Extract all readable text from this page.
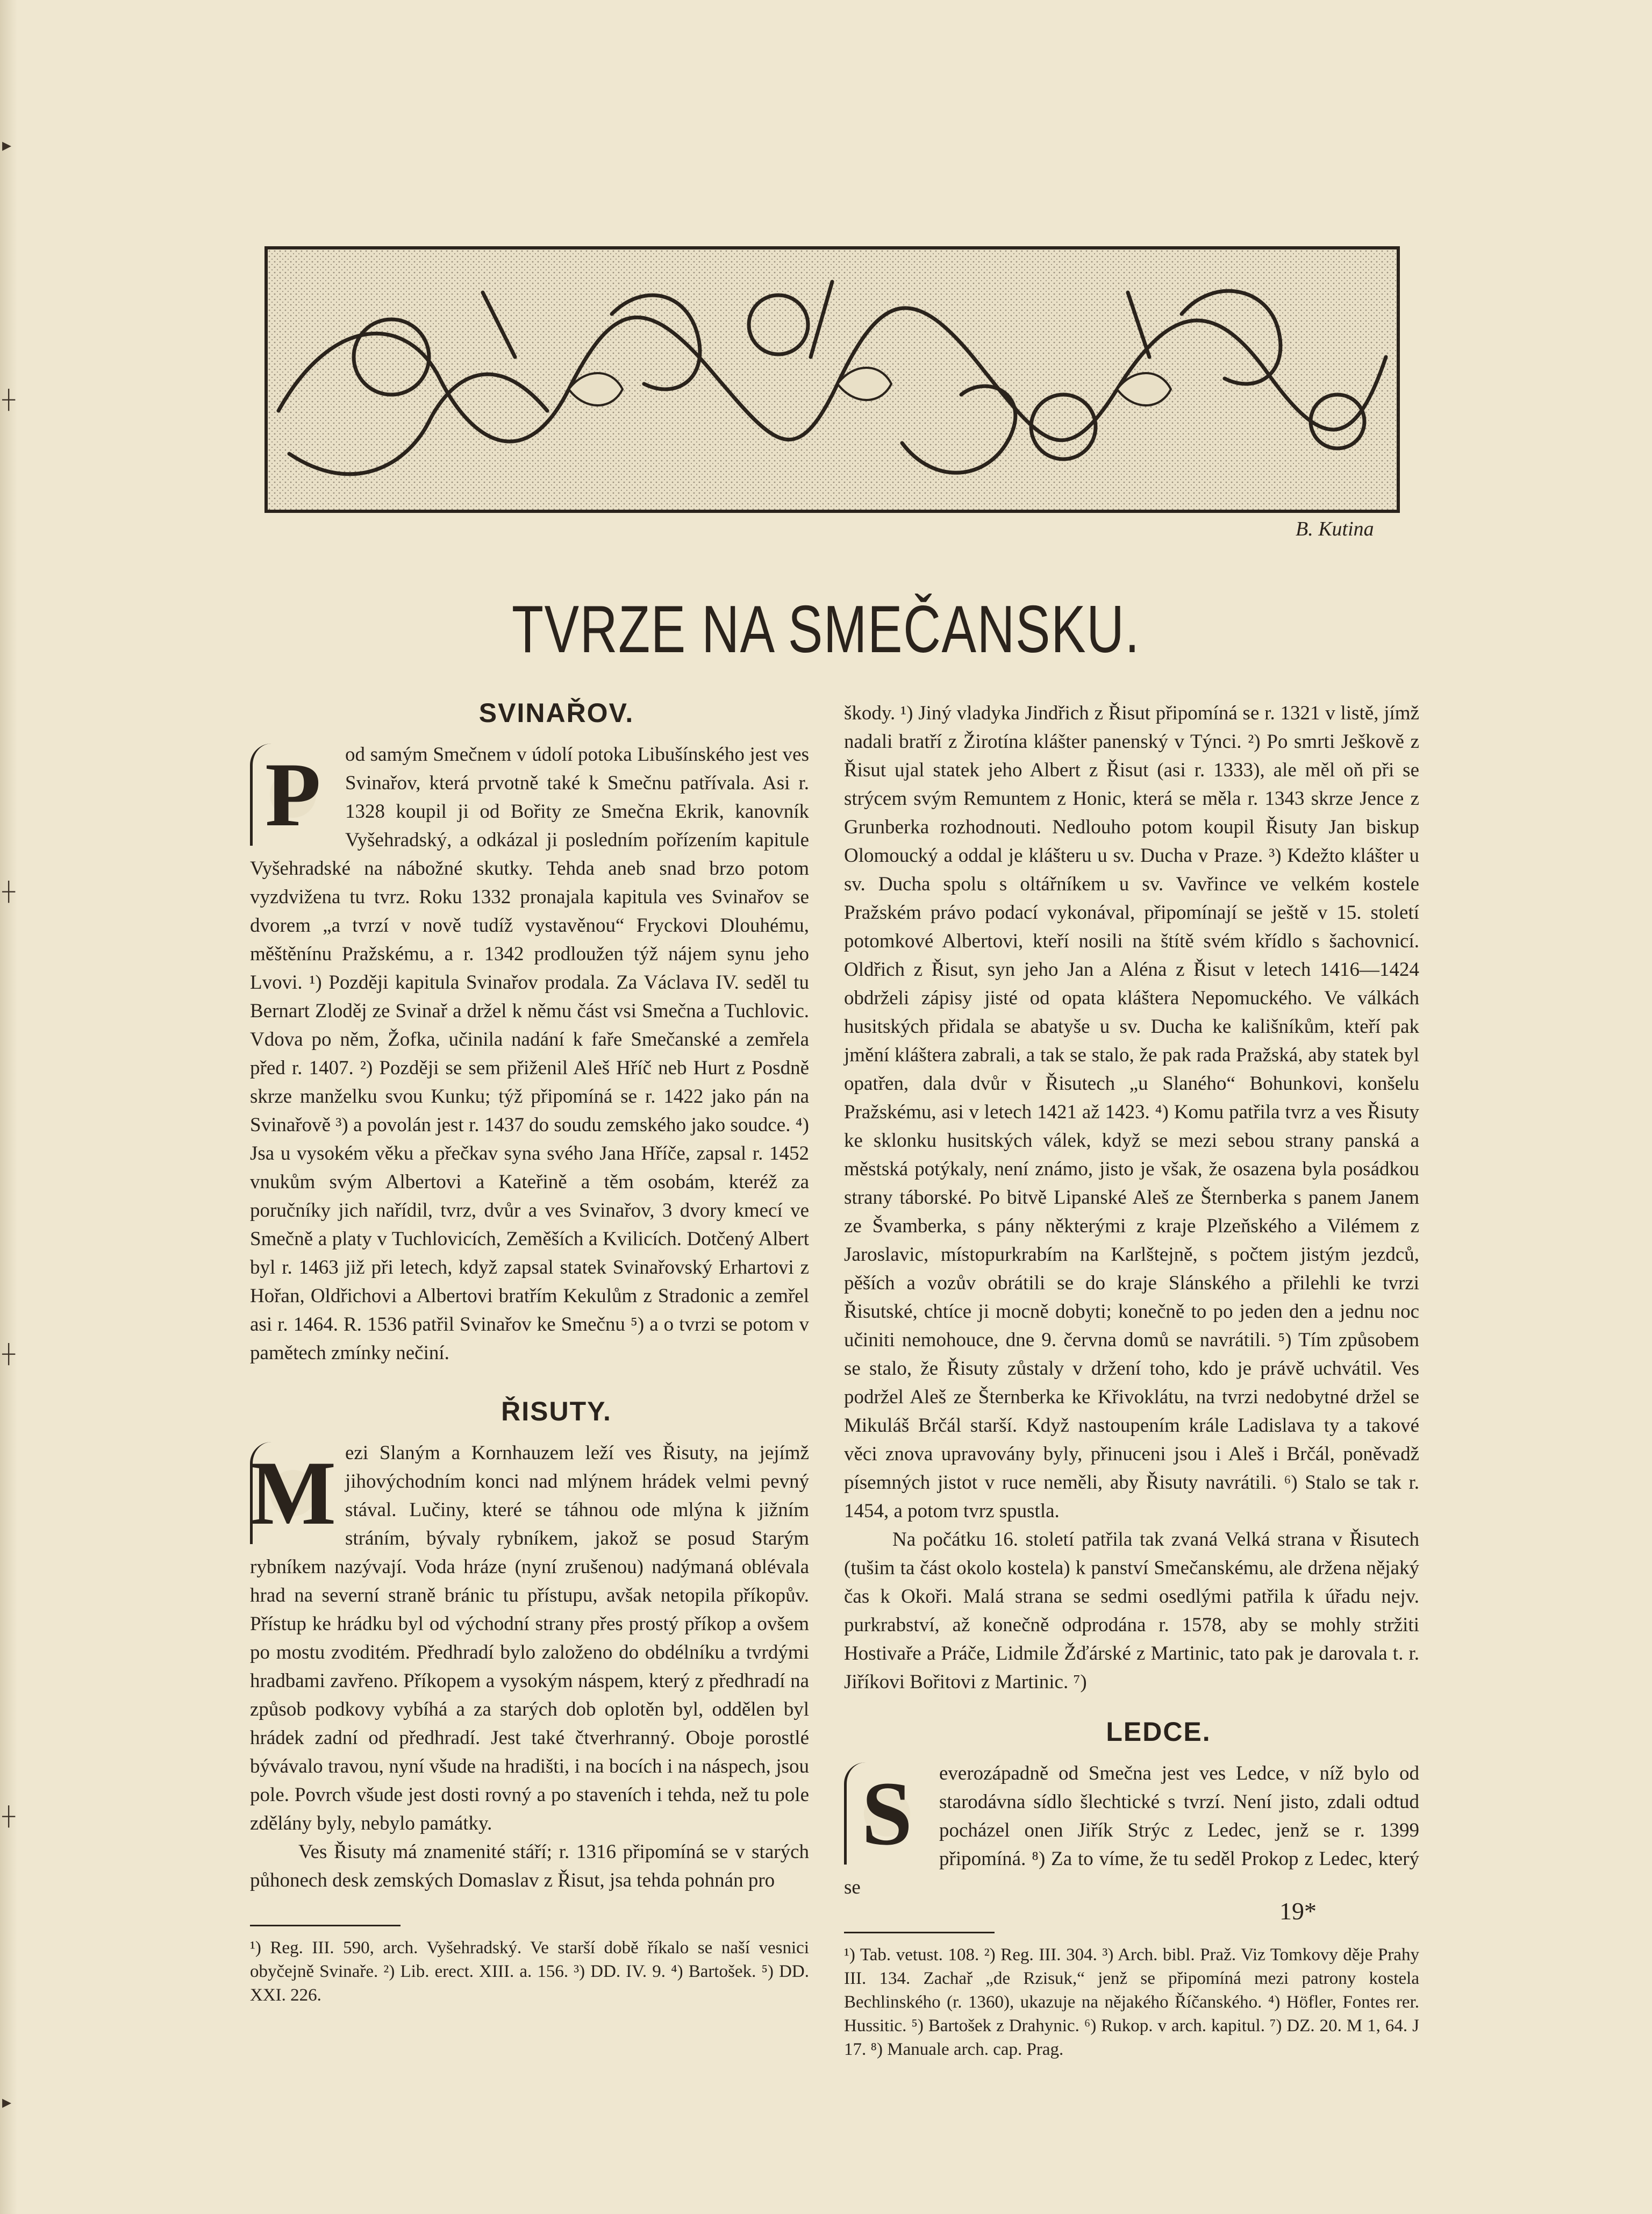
▸
┼
┼
┼
┼
▸
B. Kutina
TVRZE NA SMEČANSKU.
SVINAŘOV.
P	od samým Smečnem v údolí potoka Libušínského jest ves Svinařov, která prvotně také k Smečnu patřívala. Asi r. 1328 koupil ji od Bořity ze Smečna Ekrik, kanovník Vyšehradský, a odkázal ji posledním pořízením kapitule Vyšehradské na nábožné skutky. Tehda aneb snad brzo potom vyzdvižena tu tvrz. Roku 1332 pronajala kapitula ves Svinařov se dvorem „a tvrzí v nově tudíž vystavěnou“ Fryckovi Dlouhému, měštěnínu Pražskému, a r. 1342 prodloužen týž nájem synu jeho Lvovi. ¹) Později kapitula Svinařov prodala. Za Václava IV. seděl tu Bernart Zloděj ze Svinař a držel k němu část vsi Smečna a Tuchlovic. Vdova po něm, Žofka, učinila nadání k faře Smečanské a zemřela před r. 1407. ²) Později se sem přiženil Aleš Hříč neb Hurt z Posdně skrze manželku svou Kunku; týž připomíná se r. 1422 jako pán na Svinařově ³) a povolán jest r. 1437 do soudu zemského jako soudce. ⁴) Jsa u vysokém věku a přečkav syna svého Jana Hříče, zapsal r. 1452 vnukům svým Albertovi a Kateřině a těm osobám, kteréž za poručníky jich nařídil, tvrz, dvůr a ves Svinařov, 3 dvory kmecí ve Smečně a platy v Tuchlovicích, Zeměších a Kvilicích. Dotčený Albert byl r. 1463 již při letech, když zapsal statek Svinařovský Erhartovi z Hořan, Oldřichovi a Albertovi bratřím Kekulům z Stradonic a zemřel asi r. 1464. R. 1536 patřil Svinařov ke Smečnu ⁵) a o tvrzi se potom v pamětech zmínky nečiní.

ŘISUTY.
M ezi Slaným a Kornhauzem leží ves Řisuty, na jejímž jihovýchodním konci nad mlýnem hrádek velmi pevný stával. Lučiny, které se táhnou ode mlýna k jižním stráním, bývaly rybníkem, jakož se posud Starým rybníkem nazývají. Voda hráze (nyní zrušenou) nadýmaná oblévala hrad na severní straně bránic tu přístupu, avšak netopila příkopův. Přístup ke hrádku byl od východní strany přes prostý příkop a ovšem po mostu zvoditém. Předhradí bylo založeno do obdélníku a tvrdými hradbami zavřeno. Příkopem a vysokým náspem, který z předhradí na způsob podkovy vybíhá a za starých dob oplotěn byl, oddělen byl hrádek zadní od předhradí. Jest také čtverhranný. Oboje porostlé bývávalo travou, nyní všude na hradišti, i na bocích i na náspech, jsou pole. Povrch všude jest dosti rovný a po staveních i tehda, než tu pole zdělány byly, nebylo památky.

Ves Řisuty má znamenité stáří; r. 1316 připomíná se v starých půhonech desk zemských Domaslav z Řisut, jsa tehda pohnán pro

¹) Reg. III. 590, arch. Vyšehradský. Ve starší době říkalo se naší vesnici obyčejně Svinaře. ²) Lib. erect. XIII. a. 156. ³) DD. IV. 9. ⁴) Bartošek. ⁵) DD. XXI. 226.

škody. ¹) Jiný vladyka Jindřich z Řisut připomíná se r. 1321 v listě, jímž nadali bratří z Žirotína klášter panenský v Týnci. ²) Po smrti Ješkově z Řisut ujal statek jeho Albert z Řisut (asi r. 1333), ale měl oň při se strýcem svým Remuntem z Honic, která se měla r. 1343 skrze Jence z Grunberka rozhodnouti. Nedlouho potom koupil Řisuty Jan biskup Olomoucký a oddal je klášteru u sv. Ducha v Praze. ³) Kdežto klášter u sv. Ducha spolu s oltářníkem u sv. Vavřince ve velkém kostele Pražském právo podací vykonával, připomínají se ještě v 15. století potomkové Albertovi, kteří nosili na štítě svém křídlo s šachovnicí. Oldřich z Řisut, syn jeho Jan a Aléna z Řisut v letech 1416—1424 obdrželi zápisy jisté od opata kláštera Nepomuckého. Ve válkách husitských přidala se abatyše u sv. Ducha ke kališníkům, kteří pak jmění kláštera zabrali, a tak se stalo, že pak rada Pražská, aby statek byl opatřen, dala dvůr v Řisutech „u Slaného“ Bohunkovi, konšelu Pražskému, asi v letech 1421 až 1423. ⁴) Komu patřila tvrz a ves Řisuty ke sklonku husitských válek, když se mezi sebou strany panská a městská potýkaly, není známo, jisto je však, že osazena byla posádkou strany táborské. Po bitvě Lipanské Aleš ze Šternberka s panem Janem ze Švamberka, s pány některými z kraje Plzeňského a Vilémem z Jaroslavic, místopurkrabím na Karlštejně, s počtem jistým jezdců, pěších a vozův obrátili se do kraje Slánského a přilehli ke tvrzi Řisutské, chtíce ji mocně dobyti; konečně to po jeden den a jednu noc učiniti nemohouce, dne 9. června domů se navrátili. ⁵) Tím způsobem se stalo, že Řisuty zůstaly v držení toho, kdo je právě uchvátil. Ves podržel Aleš ze Šternberka ke Křivoklátu, na tvrzi nedobytné držel se Mikuláš Brčál starší. Když nastoupením krále Ladislava ty a takové věci znova upravovány byly, přinuceni jsou i Aleš i Brčál, poněvadž písemných jistot v ruce neměli, aby Řisuty navrátili. ⁶) Stalo se tak r. 1454, a potom tvrz spustla.

Na počátku 16. století patřila tak zvaná Velká strana v Řisutech (tušim ta část okolo kostela) k panství Smečanskému, ale držena nějaký čas k Okoři. Malá strana se sedmi osedlými patřila k úřadu nejv. purkrabství, až konečně odprodána r. 1578, aby se mohly stržiti Hostivaře a Práče, Lidmile Žďárské z Martinic, tato pak je darovala t. r. Jiříkovi Bořitovi z Martinic. ⁷)

LEDCE.
S	everozápadně od Smečna jest ves Ledce, v níž bylo od starodávna sídlo šlechtické s tvrzí. Není jisto, zdali odtud pocházel onen Jiřík Strýc z Ledec, jenž se r. 1399 připomíná. ⁸) Za to víme, že tu seděl Prokop z Ledec, který se

¹) Tab. vetust. 108. ²) Reg. III. 304. ³) Arch. bibl. Praž. Viz Tomkovy děje Prahy III. 134. Zachař „de Rzisuk,“ jenž se připomíná mezi patrony kostela Bechlinského (r. 1360), ukazuje na nějakého Říčanského. ⁴) Höfler, Fontes rer. Hussitic. ⁵) Bartošek z Drahynic. ⁶) Rukop. v arch. kapitul. ⁷) DZ. 20. M 1, 64. J 17. ⁸) Manuale arch. cap. Prag.

19*
